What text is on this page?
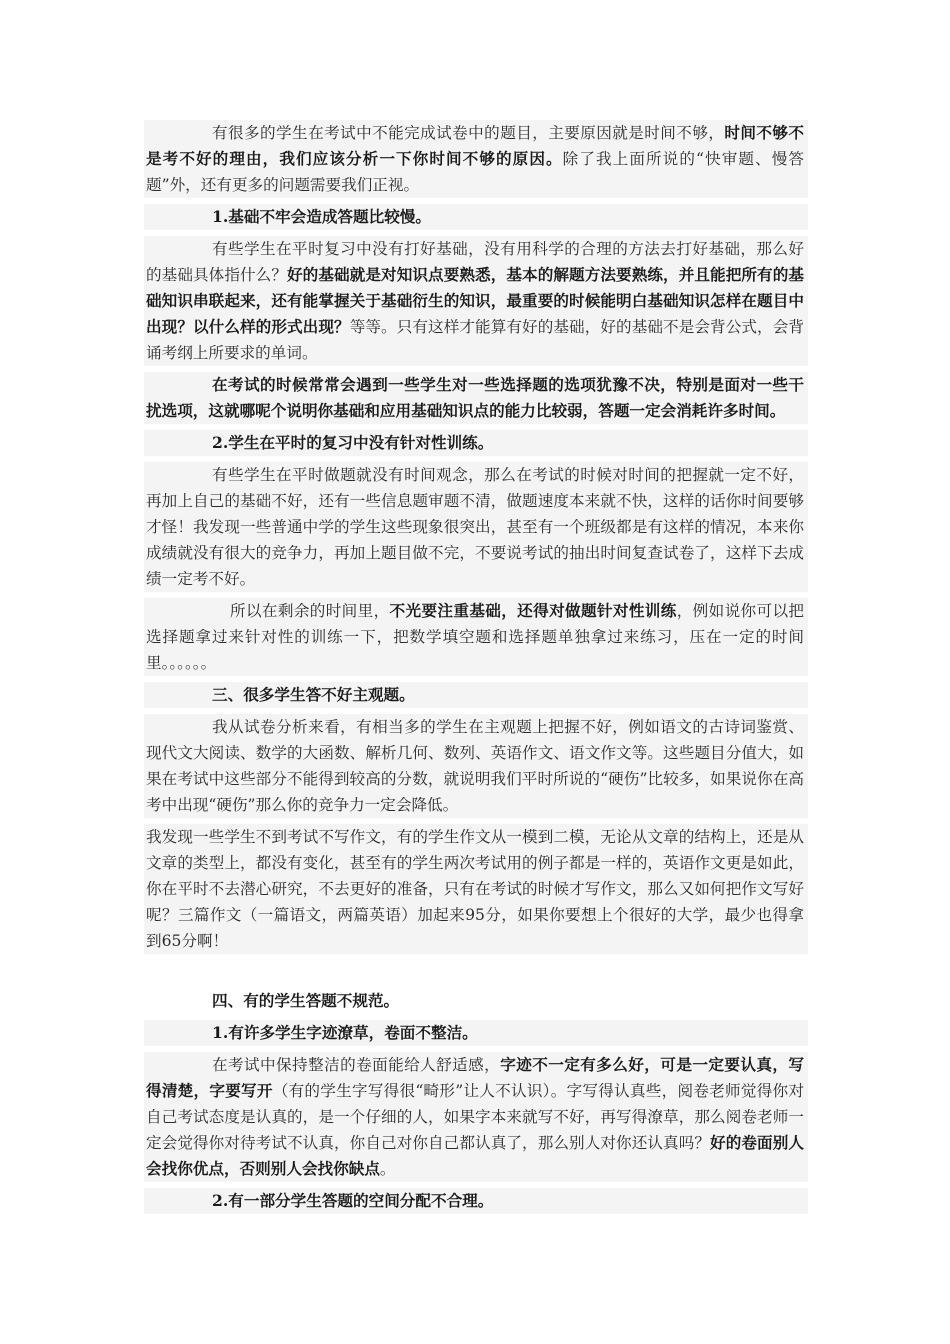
有很多的学生在考试中不能完成试卷中的题目，主要原因就是时间不够，时间不够不是考不好的理由，我们应该分析一下你时间不够的原因。除了我上面所说的“快审题、慢答题”外，还有更多的问题需要我们正视。
1.基础不牢会造成答题比较慢。
有些学生在平时复习中没有打好基础，没有用科学的合理的方法去打好基础，那么好的基础具体指什么？好的基础就是对知识点要熟悉，基本的解题方法要熟练，并且能把所有的基础知识串联起来，还有能掌握关于基础衍生的知识，最重要的时候能明白基础知识怎样在题目中出现？以什么样的形式出现？等等。只有这样才能算有好的基础，好的基础不是会背公式，会背诵考纲上所要求的单词。
在考试的时候常常会遇到一些学生对一些选择题的选项犹豫不决，特别是面对一些干扰选项，这就哪呢个说明你基础和应用基础知识点的能力比较弱，答题一定会消耗许多时间。
2.学生在平时的复习中没有针对性训练。
有些学生在平时做题就没有时间观念，那么在考试的时候对时间的把握就一定不好，再加上自己的基础不好，还有一些信息题审题不清，做题速度本来就不快，这样的话你时间要够才怪！我发现一些普通中学的学生这些现象很突出，甚至有一个班级都是有这样的情况，本来你成绩就没有很大的竞争力，再加上题目做不完，不要说考试的抽出时间复查试卷了，这样下去成绩一定考不好。
所以在剩余的时间里，不光要注重基础，还得对做题针对性训练，例如说你可以把选择题拿过来针对性的训练一下，把数学填空题和选择题单独拿过来练习，压在一定的时间里。。。。。。
三、很多学生答不好主观题。
我从试卷分析来看，有相当多的学生在主观题上把握不好，例如语文的古诗词鉴赏、现代文大阅读、数学的大函数、解析几何、数列、英语作文、语文作文等。这些题目分值大，如果在考试中这些部分不能得到较高的分数，就说明我们平时所说的“硬伤”比较多，如果说你在高考中出现“硬伤”那么你的竞争力一定会降低。
我发现一些学生不到考试不写作文，有的学生作文从一模到二模，无论从文章的结构上，还是从文章的类型上，都没有变化，甚至有的学生两次考试用的例子都是一样的，英语作文更是如此，你在平时不去潜心研究，不去更好的准备，只有在考试的时候才写作文，那么又如何把作文写好呢？三篇作文（一篇语文，两篇英语）加起来95分，如果你要想上个很好的大学，最少也得拿到65分啊！
四、有的学生答题不规范。
1.有许多学生字迹潦草，卷面不整洁。
在考试中保持整洁的卷面能给人舒适感，字迹不一定有多么好，可是一定要认真，写得清楚，字要写开（有的学生字写得很“畸形”让人不认识）。字写得认真些，阅卷老师觉得你对自己考试态度是认真的，是一个仔细的人，如果字本来就写不好，再写得潦草，那么阅卷老师一定会觉得你对待考试不认真，你自己对你自己都认真了，那么别人对你还认真吗？好的卷面别人会找你优点，否则别人会找你缺点。
2.有一部分学生答题的空间分配不合理。
